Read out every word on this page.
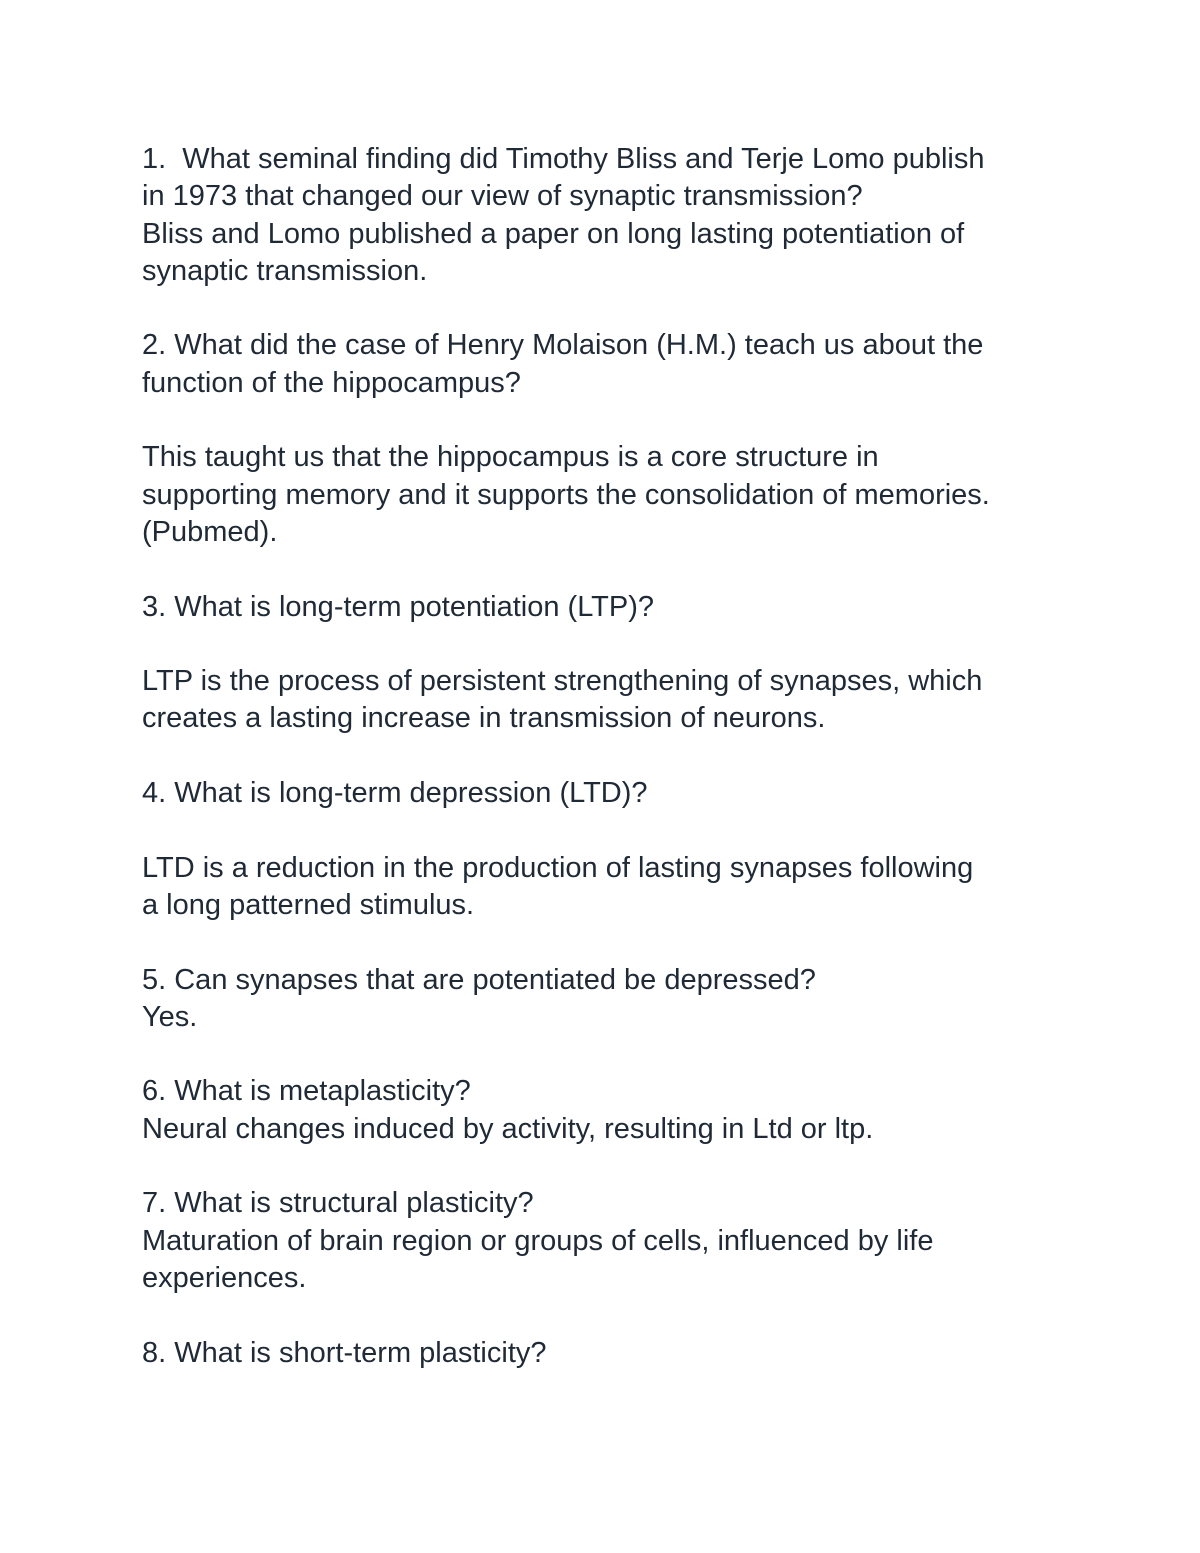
1.  What seminal finding did Timothy Bliss and Terje Lomo publish
in 1973 that changed our view of synaptic transmission?
Bliss and Lomo published a paper on long lasting potentiation of
synaptic transmission.
2. What did the case of Henry Molaison (H.M.) teach us about the
function of the hippocampus?
This taught us that the hippocampus is a core structure in
supporting memory and it supports the consolidation of memories.
(Pubmed).
3. What is long-term potentiation (LTP)?
LTP is the process of persistent strengthening of synapses, which
creates a lasting increase in transmission of neurons.
4. What is long-term depression (LTD)?
LTD is a reduction in the production of lasting synapses following
a long patterned stimulus.
5. Can synapses that are potentiated be depressed?
Yes.
6. What is metaplasticity?
Neural changes induced by activity, resulting in Ltd or ltp.
7. What is structural plasticity?
Maturation of brain region or groups of cells, influenced by life
experiences.
8. What is short-term plasticity?
